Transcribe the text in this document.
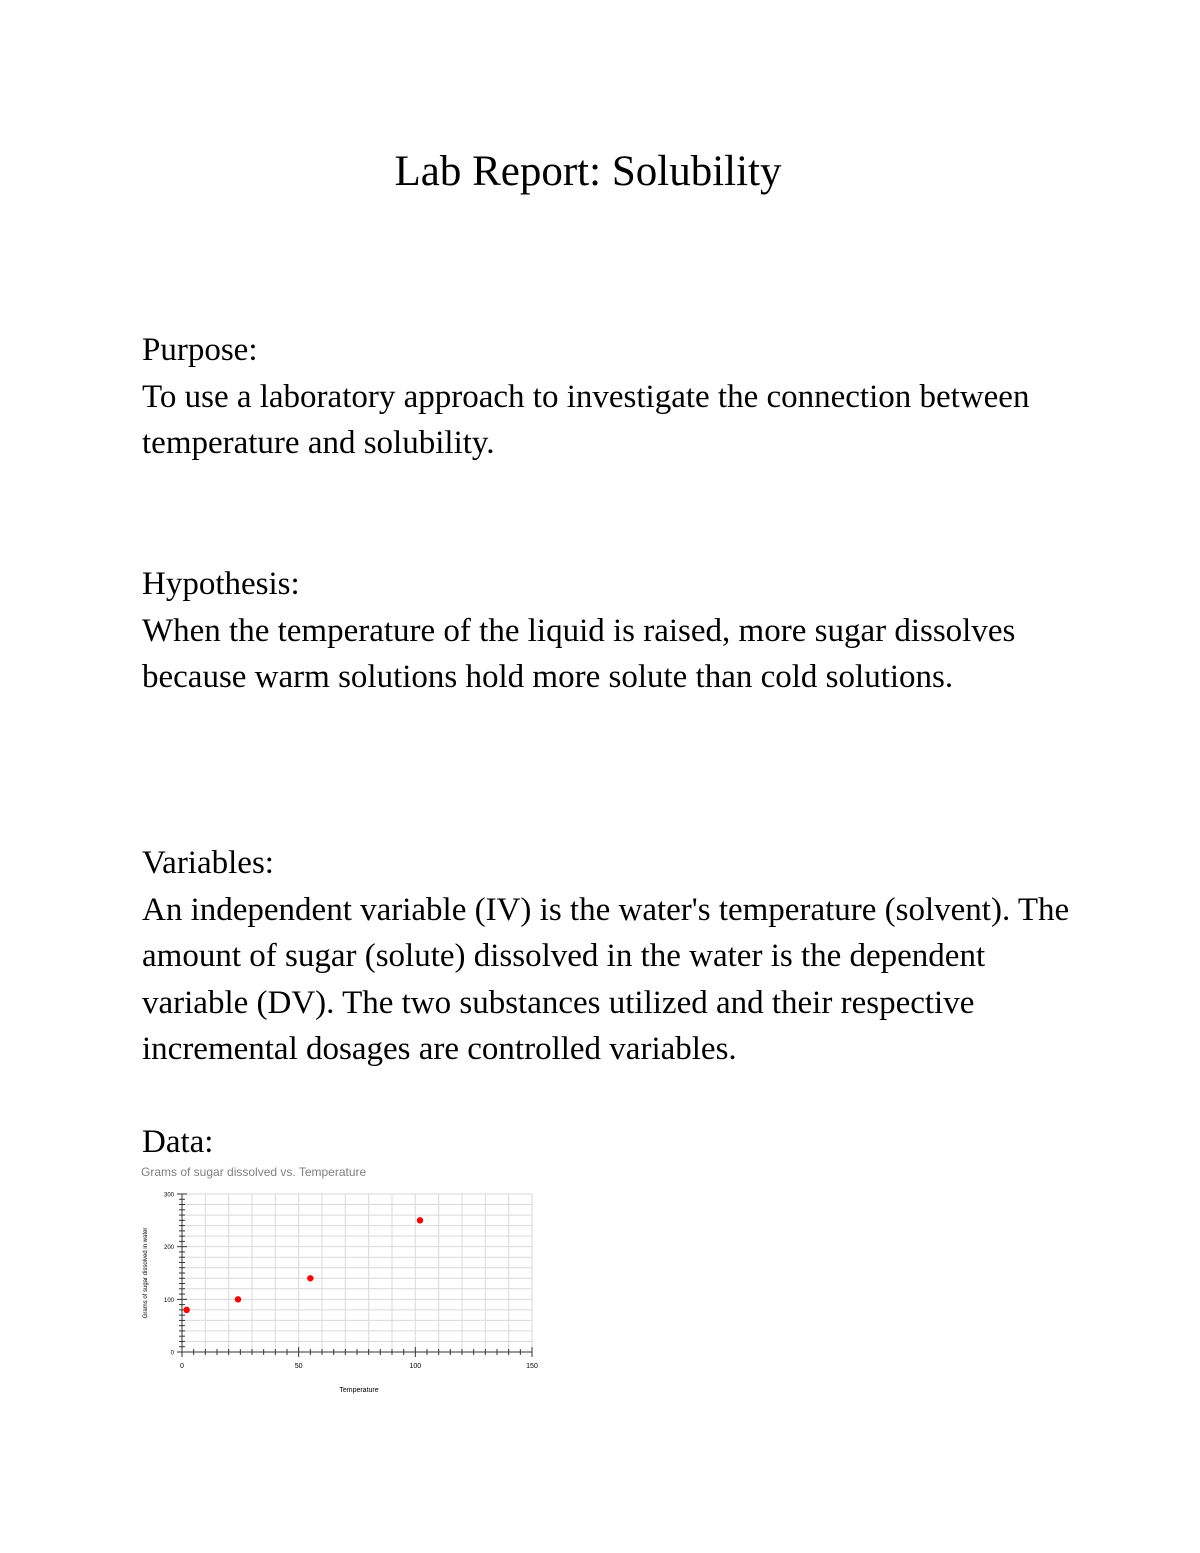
Lab Report: Solubility

Purpose:

To use a laboratory approach to investigate the connection between temperature and solubility.

Hypothesis:

When the temperature of the liquid is raised, more sugar dissolves because warm solutions hold more solute than cold solutions.

Variables:

An independent variable (IV) is the water's temperature (solvent). The amount of sugar (solute) dissolved in the water is the dependent variable (DV). The two substances utilized and their respective incremental dosages are controlled variables.

Data:

Grams of sugar dissolved vs. Temperature
0	50	100	150
0
100
200
300
Grams of sugar dissolved in water
Temperature
